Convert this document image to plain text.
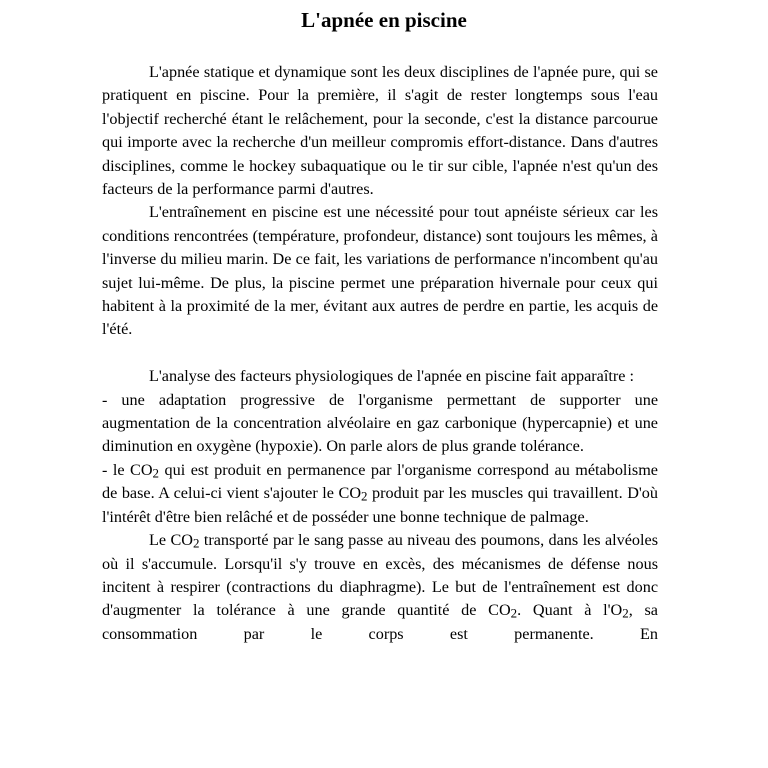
L'apnée en piscine

L'apnée statique et dynamique sont les deux disciplines de l'apnée pure, qui se pratiquent en piscine. Pour la première, il s'agit de rester longtemps sous l'eau l'objectif recherché étant le relâchement, pour la seconde, c'est la distance parcourue qui importe avec la recherche d'un meilleur compromis effort-distance. Dans d'autres disciplines, comme le hockey subaquatique ou le tir sur cible, l'apnée n'est qu'un des facteurs de la performance parmi d'autres.

L'entraînement en piscine est une nécessité pour tout apnéiste sérieux car les conditions rencontrées (température, profondeur, distance) sont toujours les mêmes, à l'inverse du milieu marin. De ce fait, les variations de performance n'incombent qu'au sujet lui-même. De plus, la piscine permet une préparation hivernale pour ceux qui habitent à la proximité de la mer, évitant aux autres de perdre en partie, les acquis de l'été.

L'analyse des facteurs physiologiques de l'apnée en piscine fait apparaître :

- une adaptation progressive de l'organisme permettant de supporter une augmentation de la concentration alvéolaire en gaz carbonique (hypercapnie) et une diminution en oxygène (hypoxie). On parle alors de plus grande tolérance.

- le $CO_2$ qui est produit en permanence par l'organisme correspond au métabolisme de base. A celui-ci vient s'ajouter le $CO_2$ produit par les muscles qui travaillent. D'où l'intérêt d'être bien relâché et de posséder une bonne technique de palmage.

Le $CO_2$ transporté par le sang passe au niveau des poumons, dans les alvéoles où il s'accumule. Lorsqu'il s'y trouve en excès, des mécanismes de défense nous incitent à respirer (contractions du diaphragme). Le but de l'entraînement est donc d'augmenter la tolérance à une grande quantité de $CO_2$. Quant à $l'O_2$, sa consommation par le corps est permanente. En
